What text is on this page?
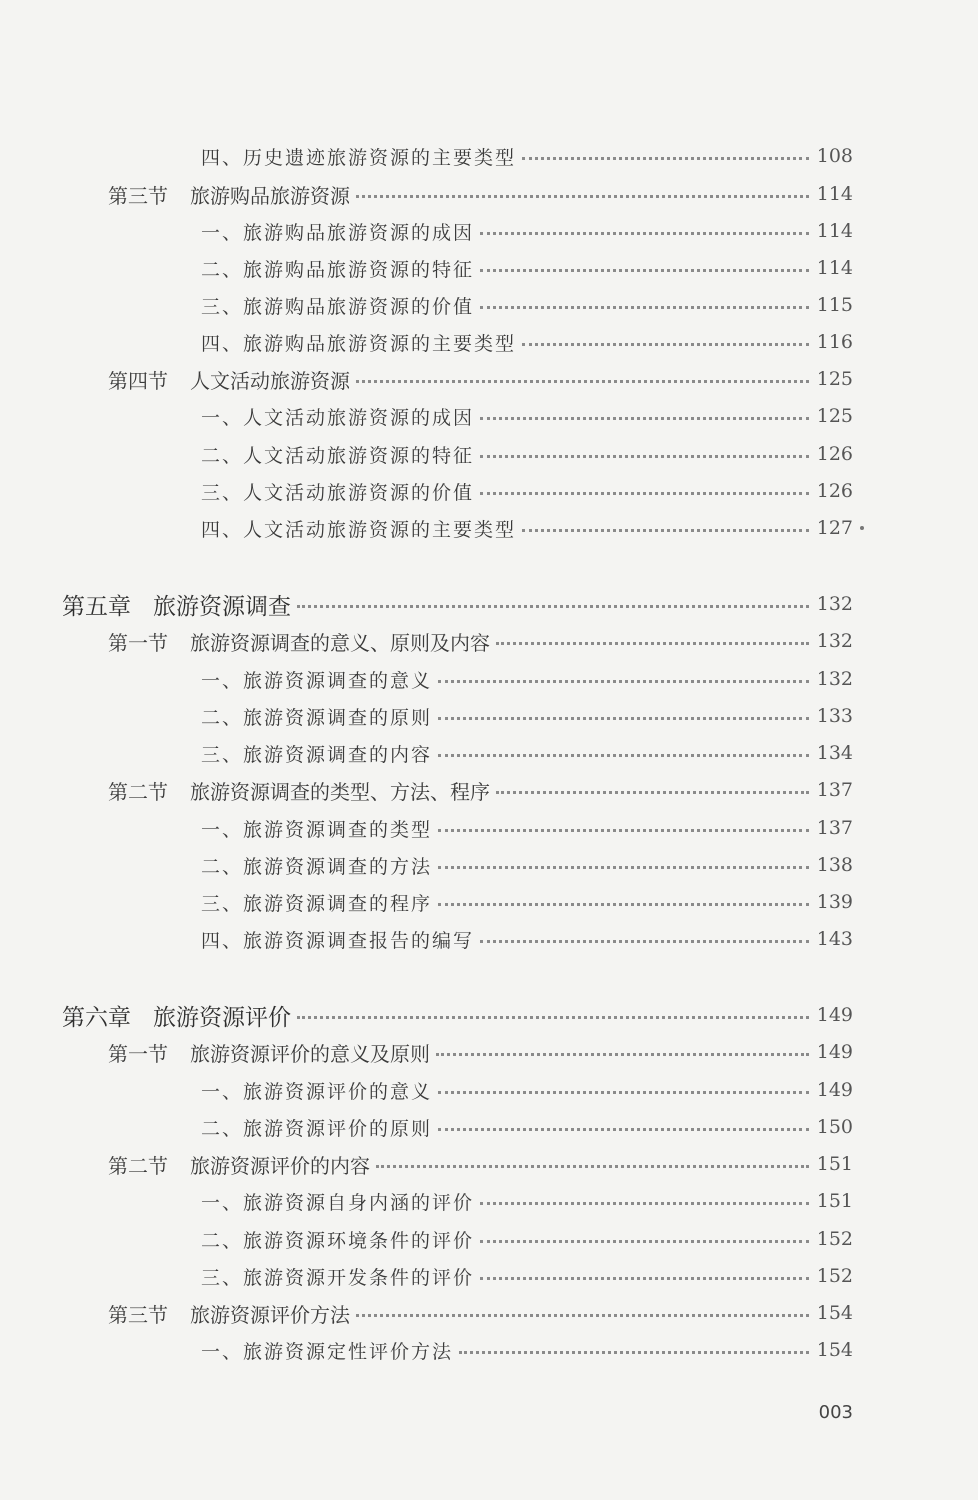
四、历史遗迹旅游资源的主要类型	108
第三节 旅游购品旅游资源	114
一、旅游购品旅游资源的成因	114
二、旅游购品旅游资源的特征	114
三、旅游购品旅游资源的价值	115
四、旅游购品旅游资源的主要类型	116
第四节 人文活动旅游资源	125
一、人文活动旅游资源的成因	125
二、人文活动旅游资源的特征	126
三、人文活动旅游资源的价值	126
四、人文活动旅游资源的主要类型	127
第五章 旅游资源调查	132
第一节 旅游资源调查的意义、原则及内容	132
一、旅游资源调查的意义	132
二、旅游资源调查的原则	133
三、旅游资源调查的内容	134
第二节 旅游资源调查的类型、方法、程序	137
一、旅游资源调查的类型	137
二、旅游资源调查的方法	138
三、旅游资源调查的程序	139
四、旅游资源调查报告的编写	143
第六章 旅游资源评价	149
第一节 旅游资源评价的意义及原则	149
一、旅游资源评价的意义	149
二、旅游资源评价的原则	150
第二节 旅游资源评价的内容	151
一、旅游资源自身内涵的评价	151
二、旅游资源环境条件的评价	152
三、旅游资源开发条件的评价	152
第三节 旅游资源评价方法	154
一、旅游资源定性评价方法	154
003
